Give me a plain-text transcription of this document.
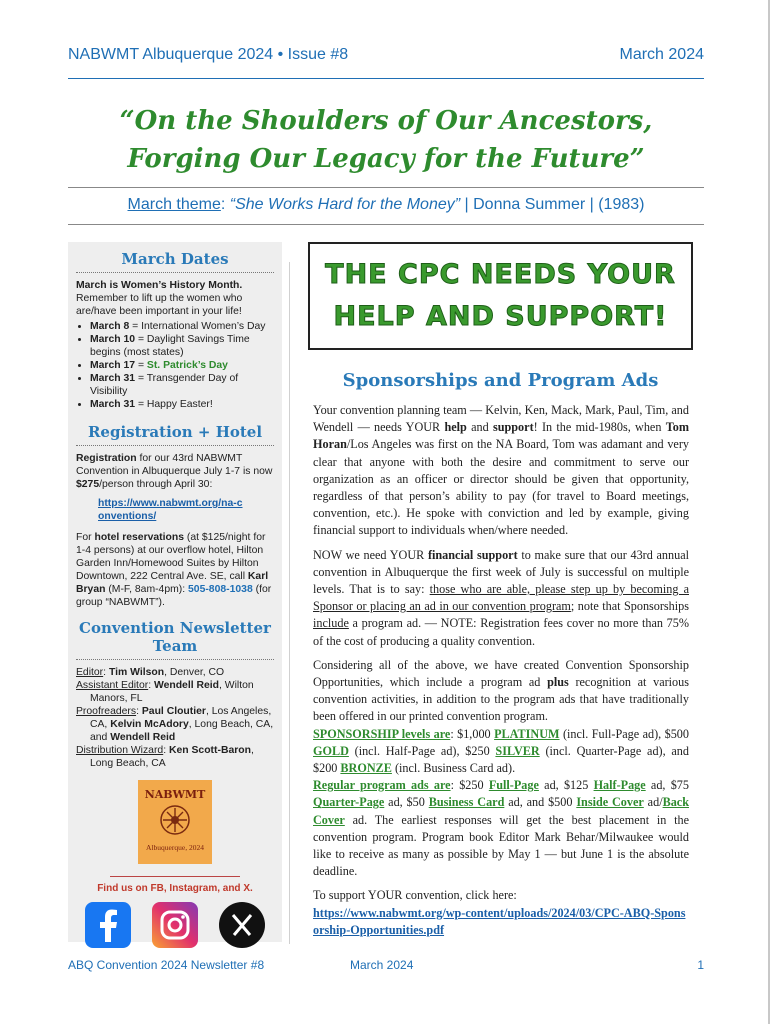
NABWMT Albuquerque 2024 • Issue #8	March 2024
“On the Shoulders of Our Ancestors,
Forging Our Legacy for the Future”
March theme: “She Works Hard for the Money” | Donna Summer | (1983)
March Dates
March is Women’s History Month.
Remember to lift up the women who are/have been important in your life!
• March 8 = International Women’s Day
• March 10 = Daylight Savings Time begins (most states)
• March 17 = St. Patrick’s Day
• March 31 = Transgender Day of Visibility
• March 31 = Happy Easter!
Registration + Hotel
Registration for our 43rd NABWMT Convention in Albuquerque July 1-7 is now $275/person through April 30:
https://www.nabwmt.org/na-conventions/
For hotel reservations (at $125/night for 1-4 persons) at our overflow hotel, Hilton Garden Inn/Homewood Suites by Hilton Downtown, 222 Central Ave. SE, call Karl Bryan (M-F, 8am-4pm): 505-808-1038 (for group “NABWMT”).
Convention Newsletter Team
Editor: Tim Wilson, Denver, CO
Assistant Editor: Wendell Reid, Wilton Manors, FL
Proofreaders: Paul Cloutier, Los Angeles, CA, Kelvin McAdory, Long Beach, CA, and Wendell Reid
Distribution Wizard: Ken Scott-Baron, Long Beach, CA
NABWMT
Albuquerque, 2024
Find us on FB, Instagram, and X.
THE CPC NEEDS YOUR
HELP AND SUPPORT!
Sponsorships and Program Ads

Your convention planning team — Kelvin, Ken, Mack, Mark, Paul, Tim, and Wendell — needs YOUR help and support! In the mid-1980s, when Tom Horan/Los Angeles was first on the NA Board, Tom was adamant and very clear that anyone with both the desire and commitment to serve our organization as an officer or director should be given that opportunity, regardless of that person’s ability to pay (for travel to Board meetings, convention, etc.). He spoke with conviction and led by example, giving financial support to individuals when/where needed.

NOW we need YOUR financial support to make sure that our 43rd annual convention in Albuquerque the first week of July is successful on multiple levels. That is to say: those who are able, please step up by becoming a Sponsor or placing an ad in our convention program; note that Sponsorships include a program ad. — NOTE: Registration fees cover no more than 75% of the cost of producing a quality convention.

Considering all of the above, we have created Convention Sponsorship Opportunities, which include a program ad plus recognition at various convention activities, in addition to the program ads that have traditionally been offered in our printed convention program.

SPONSORSHIP levels are: $1,000 PLATINUM (incl. Full-Page ad), $500 GOLD (incl. Half-Page ad), $250 SILVER (incl. Quarter-Page ad), and $200 BRONZE (incl. Business Card ad).

Regular program ads are: $250 Full-Page ad, $125 Half-Page ad, $75 Quarter-Page ad, $50 Business Card ad, and $500 Inside Cover ad/Back Cover ad. The earliest responses will get the best placement in the convention program. Program book Editor Mark Behar/Milwaukee would like to receive as many as possible by May 1 — but June 1 is the absolute deadline.

To support YOUR convention, click here:

https://www.nabwmt.org/wp-content/uploads/2024/03/CPC-ABQ-Sponsorship-Opportunities.pdf
ABQ Convention 2024 Newsletter #8	March 2024	1
